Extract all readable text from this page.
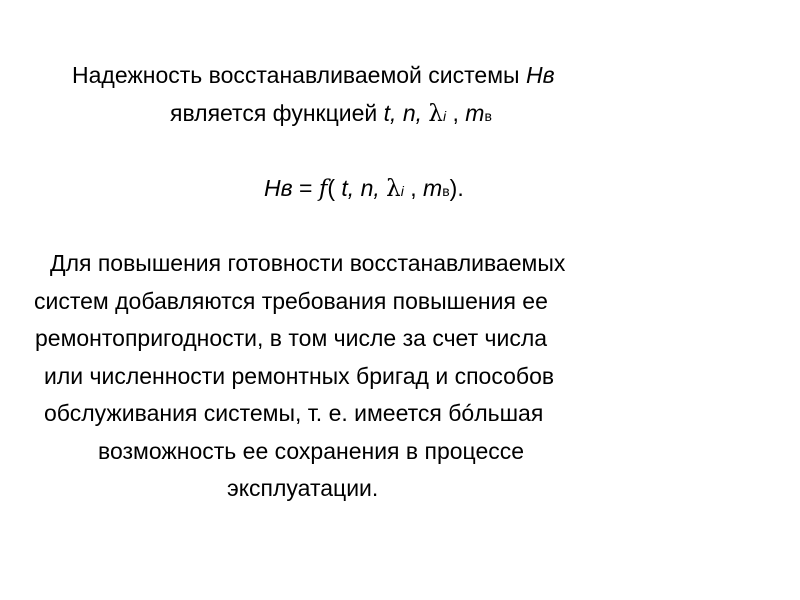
Надежность восстанавливаемой системы Нв
является функцией t, n, λi , mв
Нв = f( t, n, λi , mв).
Для повышения готовности восстанавливаемых
систем добавляются требования повышения ее
ремонтопригодности, в том числе за счет числа
или численности ремонтных бригад и способов
обслуживания системы, т. е. имеется бóльшая
возможность ее сохранения в процессе
эксплуатации.
